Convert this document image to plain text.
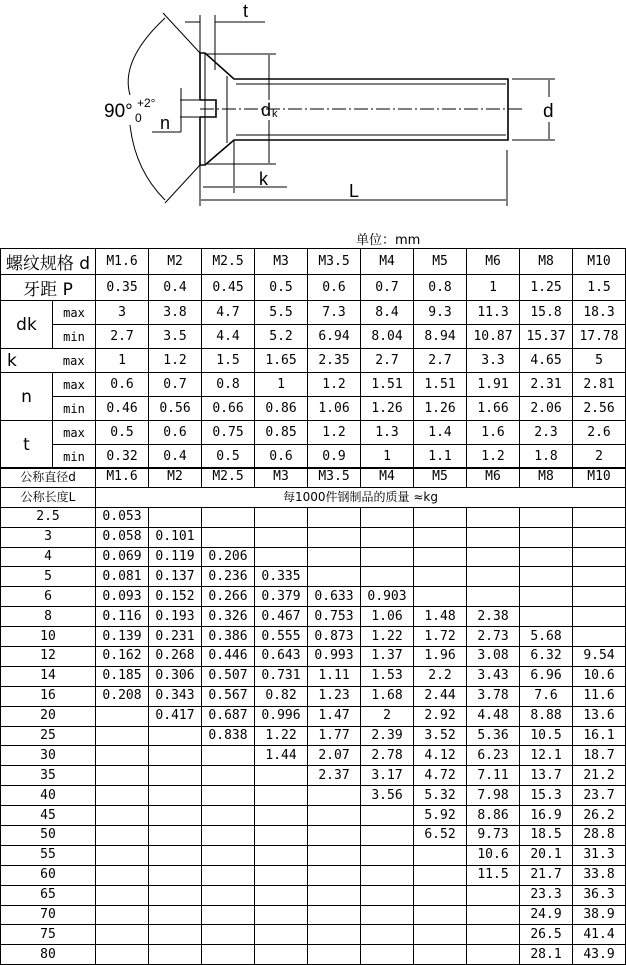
t
90° +2°
0 n
d k	d
k
L
单位：mm
螺纹规格 d		M1.6	M2	M2.5	M3	M3.5	M4	M5	M6	M8	M10
牙距 P		0.35	0.4	0.45	0.5	0.6	0.7	0.8	1	1.25	1.5
dk	max	3	3.8	4.7	5.5	7.3	8.4	9.3	11.3	15.8	18.3
	min	2.7	3.5	4.4	5.2	6.94	8.04	8.94	10.87	15.37	17.78
k	max	1	1.2	1.5	1.65	2.35	2.7	2.7	3.3	4.65	5
n	max	0.6	0.7	0.8	1	1.2	1.51	1.51	1.91	2.31	2.81
	min	0.46	0.56	0.66	0.86	1.06	1.26	1.26	1.66	2.06	2.56
t	max	0.5	0.6	0.75	0.85	1.2	1.3	1.4	1.6	2.3	2.6
	min	0.32	0.4	0.5	0.6	0.9	1	1.1	1.2	1.8	2
公称直径d	M1.6	M2	M2.5	M3	M3.5	M4	M5	M6	M8	M10
公称长度L	每1000件钢制品的质量 ≈kg									
2.5	0.053									
3	0.058	0.101								
4	0.069	0.119	0.206							
5	0.081	0.137	0.236	0.335						
6	0.093	0.152	0.266	0.379	0.633	0.903				
8	0.116	0.193	0.326	0.467	0.753	1.06	1.48	2.38		
10	0.139	0.231	0.386	0.555	0.873	1.22	1.72	2.73	5.68	
12	0.162	0.268	0.446	0.643	0.993	1.37	1.96	3.08	6.32	9.54
14	0.185	0.306	0.507	0.731	1.11	1.53	2.2	3.43	6.96	10.6
16	0.208	0.343	0.567	0.82	1.23	1.68	2.44	3.78	7.6	11.6
20		0.417	0.687	0.996	1.47	2	2.92	4.48	8.88	13.6
25			0.838	1.22	1.77	2.39	3.52	5.36	10.5	16.1
30				1.44	2.07	2.78	4.12	6.23	12.1	18.7
35					2.37	3.17	4.72	7.11	13.7	21.2
40						3.56	5.32	7.98	15.3	23.7
45							5.92	8.86	16.9	26.2
50							6.52	9.73	18.5	28.8
55								10.6	20.1	31.3
60								11.5	21.7	33.8
65									23.3	36.3
70									24.9	38.9
75									26.5	41.4
80									28.1	43.9
